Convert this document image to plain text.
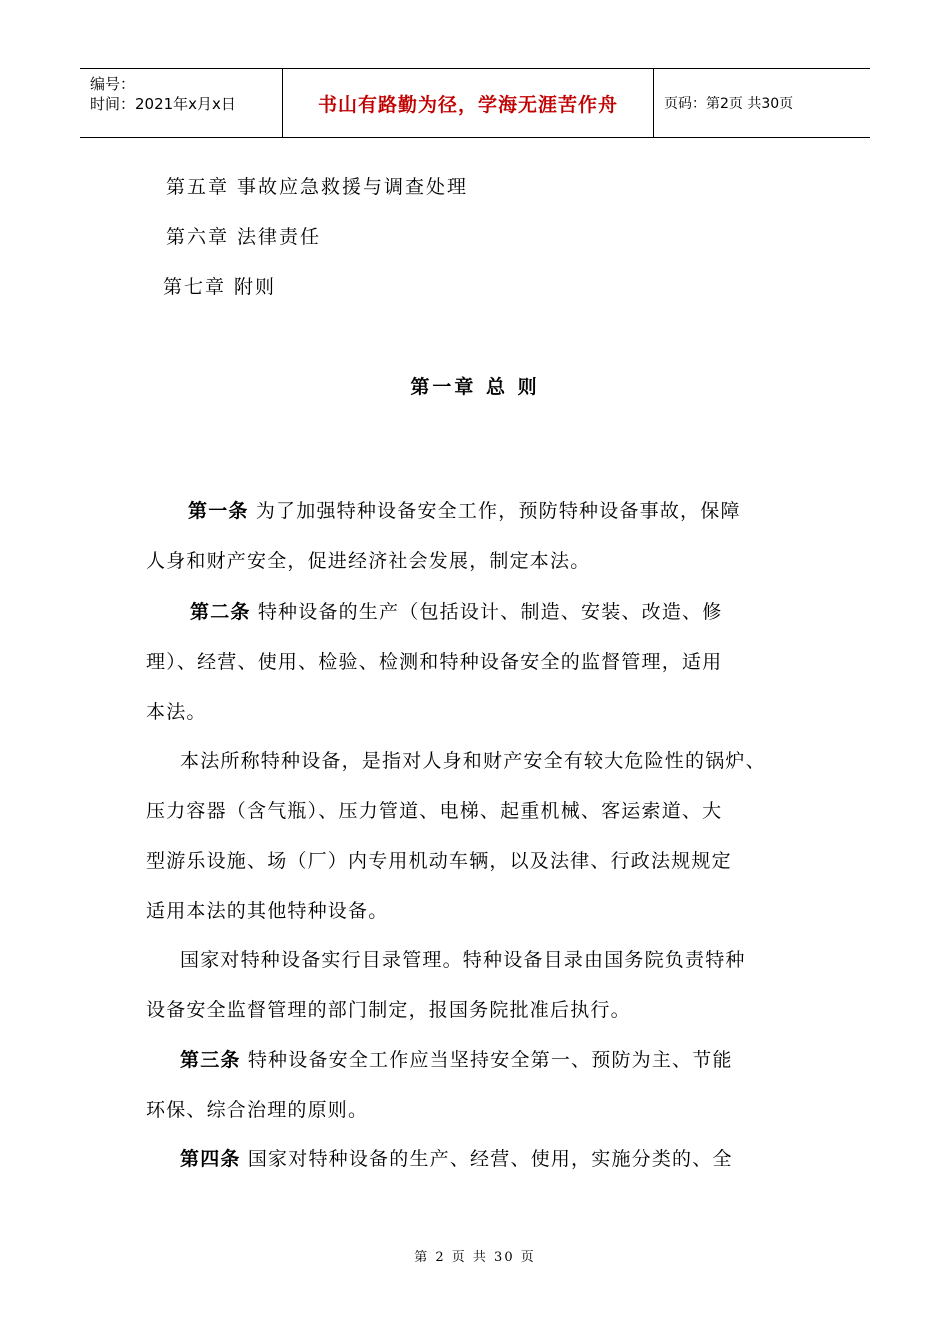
编号：
时间：2021年x月x日	书山有路勤为径，学海无涯苦作舟	页码：第2页 共30页
第五章 事故应急救援与调查处理
第六章 法律责任
第七章 附则
第一章 总 则
第一条 为了加强特种设备安全工作，预防特种设备事故，保障
人身和财产安全，促进经济社会发展，制定本法。
第二条 特种设备的生产（包括设计、制造、安装、改造、修
理）、经营、使用、检验、检测和特种设备安全的监督管理，适用
本法。
本法所称特种设备，是指对人身和财产安全有较大危险性的锅炉、
压力容器（含气瓶）、压力管道、电梯、起重机械、客运索道、大
型游乐设施、场（厂）内专用机动车辆，以及法律、行政法规规定
适用本法的其他特种设备。
国家对特种设备实行目录管理。特种设备目录由国务院负责特种
设备安全监督管理的部门制定，报国务院批准后执行。
第三条 特种设备安全工作应当坚持安全第一、预防为主、节能
环保、综合治理的原则。
第四条 国家对特种设备的生产、经营、使用，实施分类的、全
第 2 页 共 30 页
